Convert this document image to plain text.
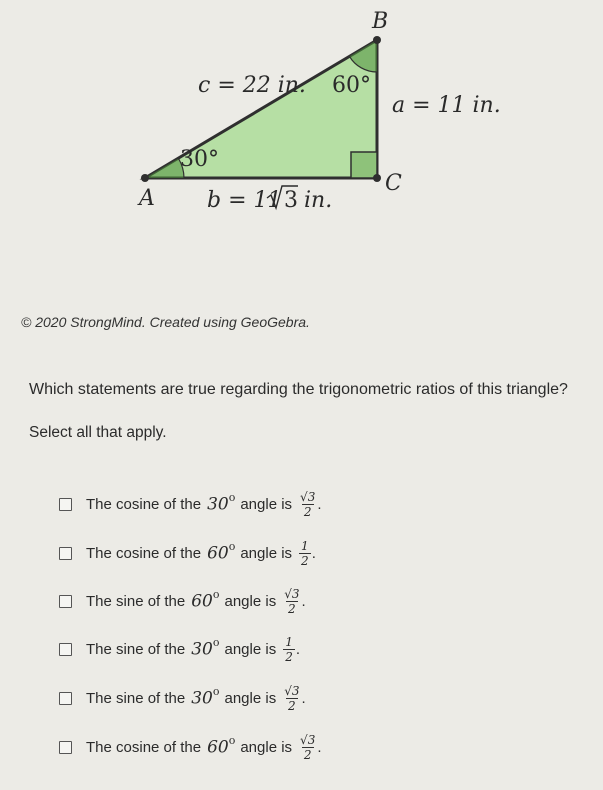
A
B
C
c = 22 in.
a = 11 in.
b = 11 3 in.
30°
60°
© 2020 StrongMind. Created using GeoGebra.
Which statements are true regarding the trigonometric ratios of this triangle?
Select all that apply.
The cosine of the 30$^o$ angle is $\frac{√3}{2}$ .
The cosine of the 60$^o$ angle is $\frac{1}{2}$ .
The sine of the 60$^o$ angle is $\frac{√3}{2}$ .
The sine of the 30$^o$ angle is $\frac{1}{2}$ .
The sine of the 30$^o$ angle is $\frac{√3}{2}$ .
The cosine of the 60$^o$ angle is $\frac{√3}{2}$ .
